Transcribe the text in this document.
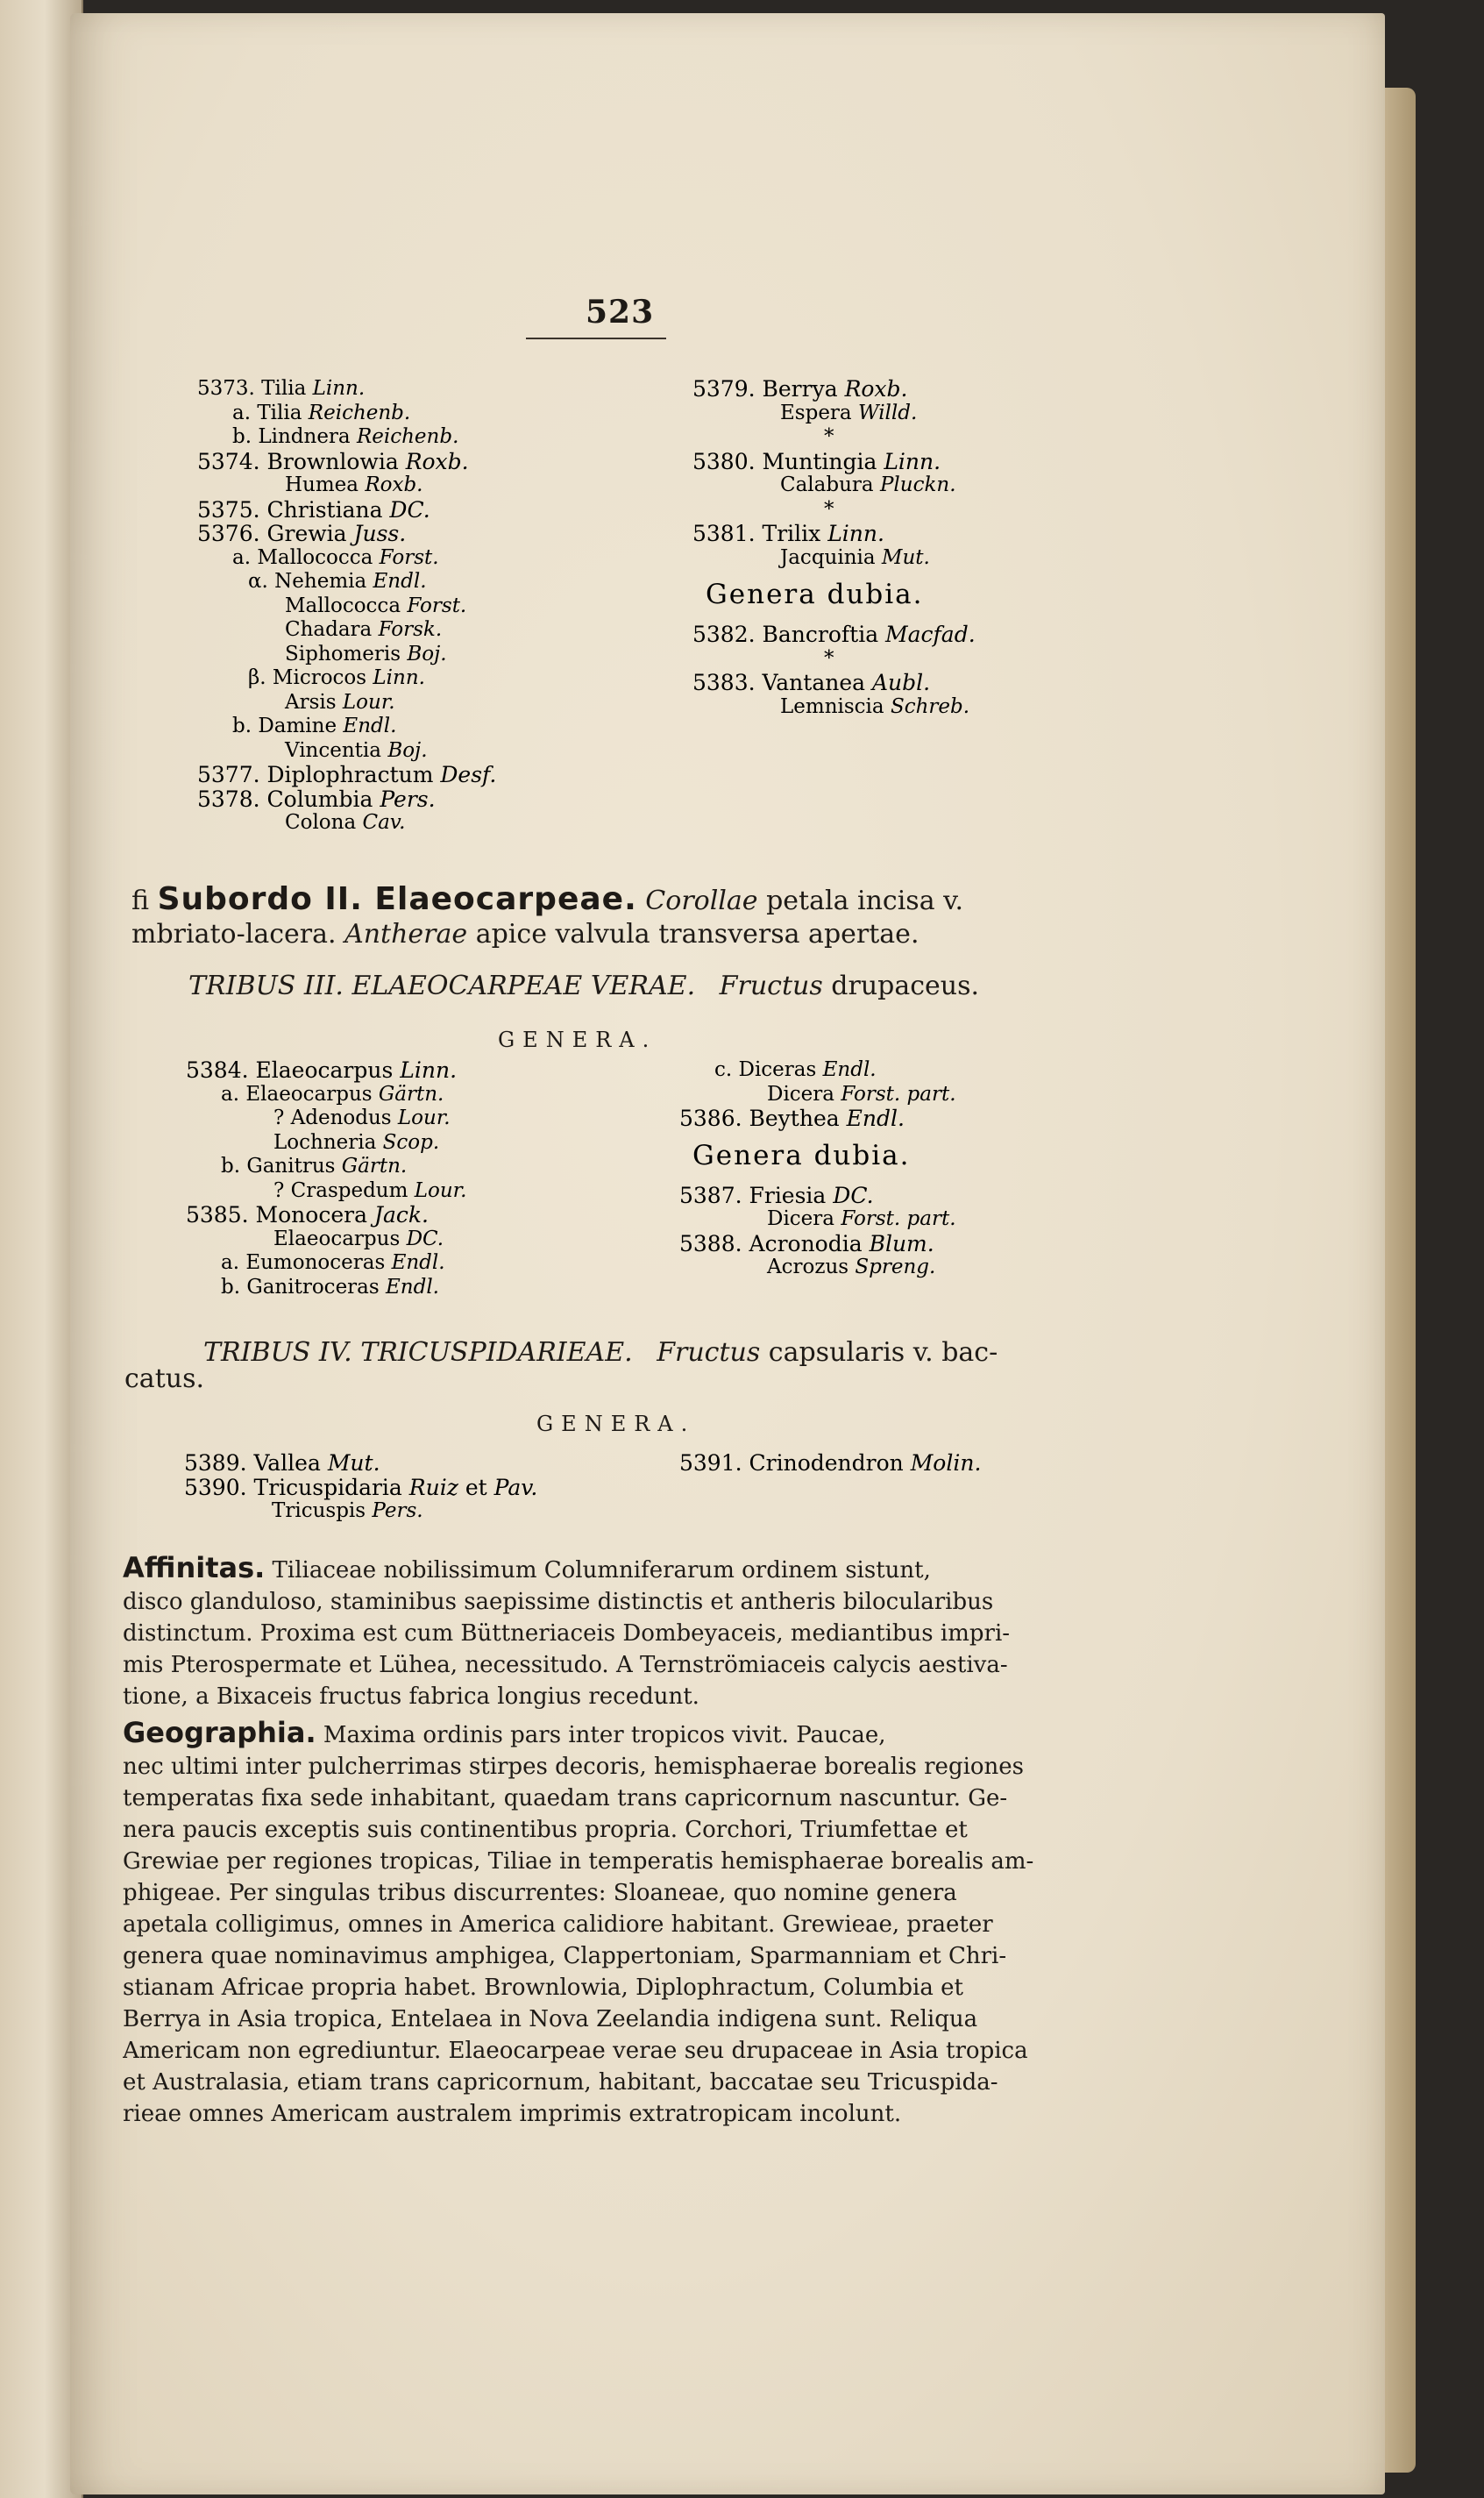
523
5373. Tilia Linn.
a. Tilia Reichenb.
b. Lindnera Reichenb.
5374. Brownlowia Roxb.
Humea Roxb.
5375. Christiana DC.
5376. Grewia Juss.
a. Mallococca Forst.
α. Nehemia Endl.
Mallococca Forst.
Chadara Forsk.
Siphomeris Boj.
β. Microcos Linn.
Arsis Lour.
b. Damine Endl.
Vincentia Boj.
5377. Diplophractum Desf.
5378. Columbia Pers.
Colona Cav.
5379. Berrya Roxb.
Espera Willd.
*
5380. Muntingia Linn.
Calabura Pluckn.
*
5381. Trilix Linn.
Jacquinia Mut.
Genera dubia.
5382. Bancroftia Macfad.
*
5383. Vantanea Aubl.
Lemniscia Schreb.
fi Subordo II. Elaeocarpeae. Corollae petala incisa v.
mbriato-lacera. Antherae apice valvula transversa apertae.
TRIBUS III. ELAEOCARPEAE VERAE. Fructus drupaceus.
GENERA.
5384. Elaeocarpus Linn.
a. Elaeocarpus Gärtn.
? Adenodus Lour.
Lochneria Scop.
b. Ganitrus Gärtn.
? Craspedum Lour.
5385. Monocera Jack.
Elaeocarpus DC.
a. Eumonoceras Endl.
b. Ganitroceras Endl.
c. Diceras Endl.
Dicera Forst. part.
5386. Beythea Endl.
Genera dubia.
5387. Friesia DC.
Dicera Forst. part.
5388. Acronodia Blum.
Acrozus Spreng.
TRIBUS IV. TRICUSPIDARIEAE. Fructus capsularis v. bac-
catus.
GENERA.
5389. Vallea Mut.
5390. Tricuspidaria Ruiz et Pav.
Tricuspis Pers.
5391. Crinodendron Molin.
Affinitas. Tiliaceae nobilissimum Columniferarum ordinem sistunt,
disco glanduloso, staminibus saepissime distinctis et antheris bilocularibus
distinctum. Proxima est cum Büttneriaceis Dombeyaceis, mediantibus impri-
mis Pterospermate et Lühea, necessitudo. A Ternströmiaceis calycis aestiva-
tione, a Bixaceis fructus fabrica longius recedunt.
Geographia. Maxima ordinis pars inter tropicos vivit. Paucae,
nec ultimi inter pulcherrimas stirpes decoris, hemisphaerae borealis regiones
temperatas fixa sede inhabitant, quaedam trans capricornum nascuntur. Ge-
nera paucis exceptis suis continentibus propria. Corchori, Triumfettae et
Grewiae per regiones tropicas, Tiliae in temperatis hemisphaerae borealis am-
phigeae. Per singulas tribus discurrentes: Sloaneae, quo nomine genera
apetala colligimus, omnes in America calidiore habitant. Grewieae, praeter
genera quae nominavimus amphigea, Clappertoniam, Sparmanniam et Chri-
stianam Africae propria habet. Brownlowia, Diplophractum, Columbia et
Berrya in Asia tropica, Entelaea in Nova Zeelandia indigena sunt. Reliqua
Americam non egrediuntur. Elaeocarpeae verae seu drupaceae in Asia tropica
et Australasia, etiam trans capricornum, habitant, baccatae seu Tricuspida-
rieae omnes Americam australem imprimis extratropicam incolunt.
